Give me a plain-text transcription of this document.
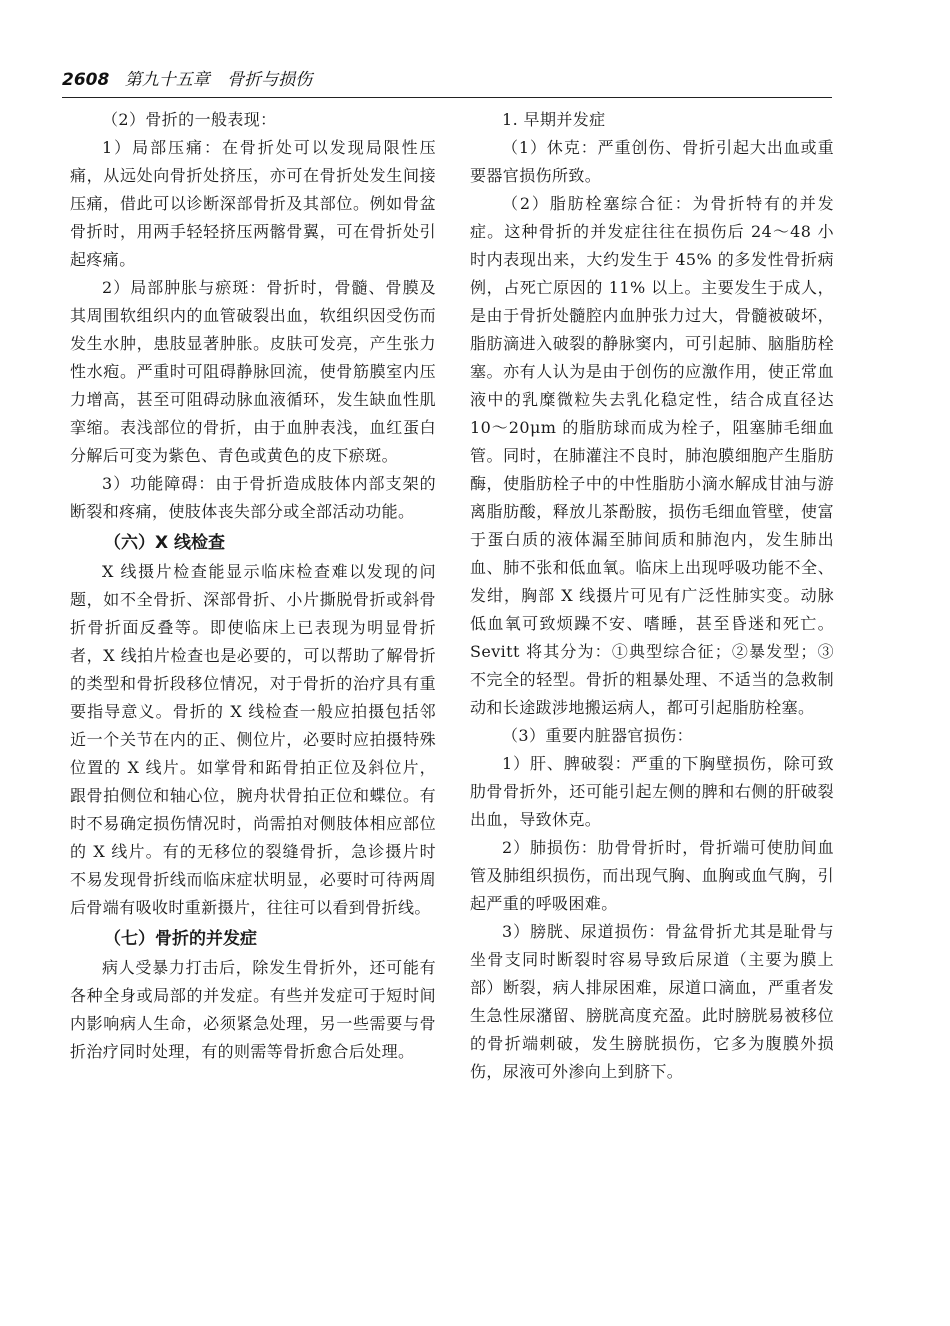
2608 第九十五章 骨折与损伤

（2）骨折的一般表现：

1）局部压痛：在骨折处可以发现局限性压痛，从远处向骨折处挤压，亦可在骨折处发生间接压痛，借此可以诊断深部骨折及其部位。例如骨盆骨折时，用两手轻轻挤压两髂骨翼，可在骨折处引起疼痛。

2）局部肿胀与瘀斑：骨折时，骨髓、骨膜及其周围软组织内的血管破裂出血，软组织因受伤而发生水肿，患肢显著肿胀。皮肤可发亮，产生张力性水疱。严重时可阻碍静脉回流，使骨筋膜室内压力增高，甚至可阻碍动脉血液循环，发生缺血性肌挛缩。表浅部位的骨折，由于血肿表浅，血红蛋白分解后可变为紫色、青色或黄色的皮下瘀斑。

3）功能障碍：由于骨折造成肢体内部支架的断裂和疼痛，使肢体丧失部分或全部活动功能。

（六）X 线检查

X 线摄片检查能显示临床检查难以发现的问题，如不全骨折、深部骨折、小片撕脱骨折或斜骨折骨折面反叠等。即使临床上已表现为明显骨折者，X 线拍片检查也是必要的，可以帮助了解骨折的类型和骨折段移位情况，对于骨折的治疗具有重要指导意义。骨折的 X 线检查一般应拍摄包括邻近一个关节在内的正、侧位片，必要时应拍摄特殊位置的 X 线片。如掌骨和跖骨拍正位及斜位片，跟骨拍侧位和轴心位，腕舟状骨拍正位和蝶位。有时不易确定损伤情况时，尚需拍对侧肢体相应部位的 X 线片。有的无移位的裂缝骨折，急诊摄片时不易发现骨折线而临床症状明显，必要时可待两周后骨端有吸收时重新摄片，往往可以看到骨折线。

（七）骨折的并发症

病人受暴力打击后，除发生骨折外，还可能有各种全身或局部的并发症。有些并发症可于短时间内影响病人生命，必须紧急处理，另一些需要与骨折治疗同时处理，有的则需等骨折愈合后处理。

1. 早期并发症

（1）休克：严重创伤、骨折引起大出血或重要器官损伤所致。

（2）脂肪栓塞综合征：为骨折特有的并发症。这种骨折的并发症往往在损伤后 24～48 小时内表现出来，大约发生于 45% 的多发性骨折病例，占死亡原因的 11% 以上。主要发生于成人，是由于骨折处髓腔内血肿张力过大，骨髓被破坏，脂肪滴进入破裂的静脉窦内，可引起肺、脑脂肪栓塞。亦有人认为是由于创伤的应激作用，使正常血液中的乳糜微粒失去乳化稳定性，结合成直径达 10～20μm 的脂肪球而成为栓子，阻塞肺毛细血管。同时，在肺灌注不良时，肺泡膜细胞产生脂肪酶，使脂肪栓子中的中性脂肪小滴水解成甘油与游离脂肪酸，释放儿茶酚胺，损伤毛细血管壁，使富于蛋白质的液体漏至肺间质和肺泡内，发生肺出血、肺不张和低血氧。临床上出现呼吸功能不全、发绀，胸部 X 线摄片可见有广泛性肺实变。动脉低血氧可致烦躁不安、嗜睡，甚至昏迷和死亡。Sevitt 将其分为：①典型综合征；②暴发型；③不完全的轻型。骨折的粗暴处理、不适当的急救制动和长途跋涉地搬运病人，都可引起脂肪栓塞。

（3）重要内脏器官损伤：

1）肝、脾破裂：严重的下胸壁损伤，除可致肋骨骨折外，还可能引起左侧的脾和右侧的肝破裂出血，导致休克。

2）肺损伤：肋骨骨折时，骨折端可使肋间血管及肺组织损伤，而出现气胸、血胸或血气胸，引起严重的呼吸困难。

3）膀胱、尿道损伤：骨盆骨折尤其是耻骨与坐骨支同时断裂时容易导致后尿道（主要为膜上部）断裂，病人排尿困难，尿道口滴血，严重者发生急性尿潴留、膀胱高度充盈。此时膀胱易被移位的骨折端刺破，发生膀胱损伤，它多为腹膜外损伤，尿液可外渗向上到脐下。
